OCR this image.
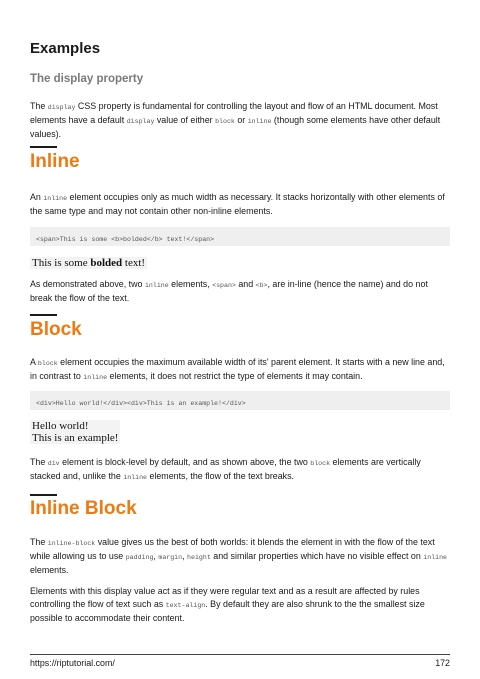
Examples
The display property

The display CSS property is fundamental for controlling the layout and flow of an HTML document. Most elements have a default display value of either block or inline (though some elements have other default values).

Inline

An inline element occupies only as much width as necessary. It stacks horizontally with other elements of the same type and may not contain other non-inline elements.

<span>This is some <b>bolded</b> text!</span>
This is some bolded text!

As demonstrated above, two inline elements, <span> and <b>, are in-line (hence the name) and do not break the flow of the text.

Block

A block element occupies the maximum available width of its' parent element. It starts with a new line and, in contrast to inline elements, it does not restrict the type of elements it may contain.

<div>Hello world!</div><div>This is an example!</div>
Hello world!
This is an example!

The div element is block-level by default, and as shown above, the two block elements are vertically stacked and, unlike the inline elements, the flow of the text breaks.

Inline Block

The inline-block value gives us the best of both worlds: it blends the element in with the flow of the text while allowing us to use padding, margin, height and similar properties which have no visible effect on inline elements.

Elements with this display value act as if they were regular text and as a result are affected by rules controlling the flow of text such as text-align. By default they are also shrunk to the the smallest size possible to accommodate their content.

https://riptutorial.com/	172
